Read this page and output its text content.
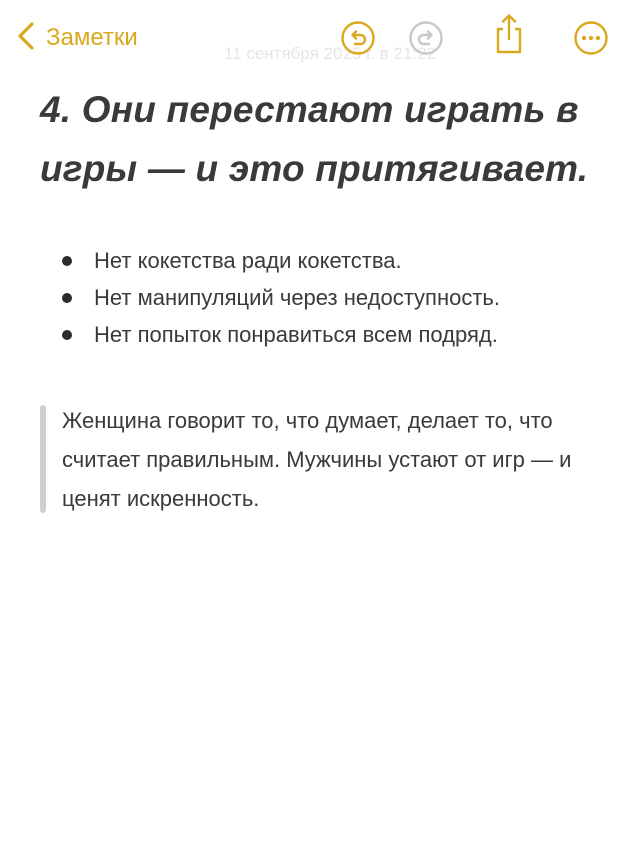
Заметки
11 сентября 2025 г. в 21:22
4. Они перестают играть в игры — и это притягивает.
Нет кокетства ради кокетства.
Нет манипуляций через недоступность.
Нет попыток понравиться всем подряд.
Женщина говорит то, что думает, делает то, что считает правильным. Мужчины устают от игр — и ценят искренность.
